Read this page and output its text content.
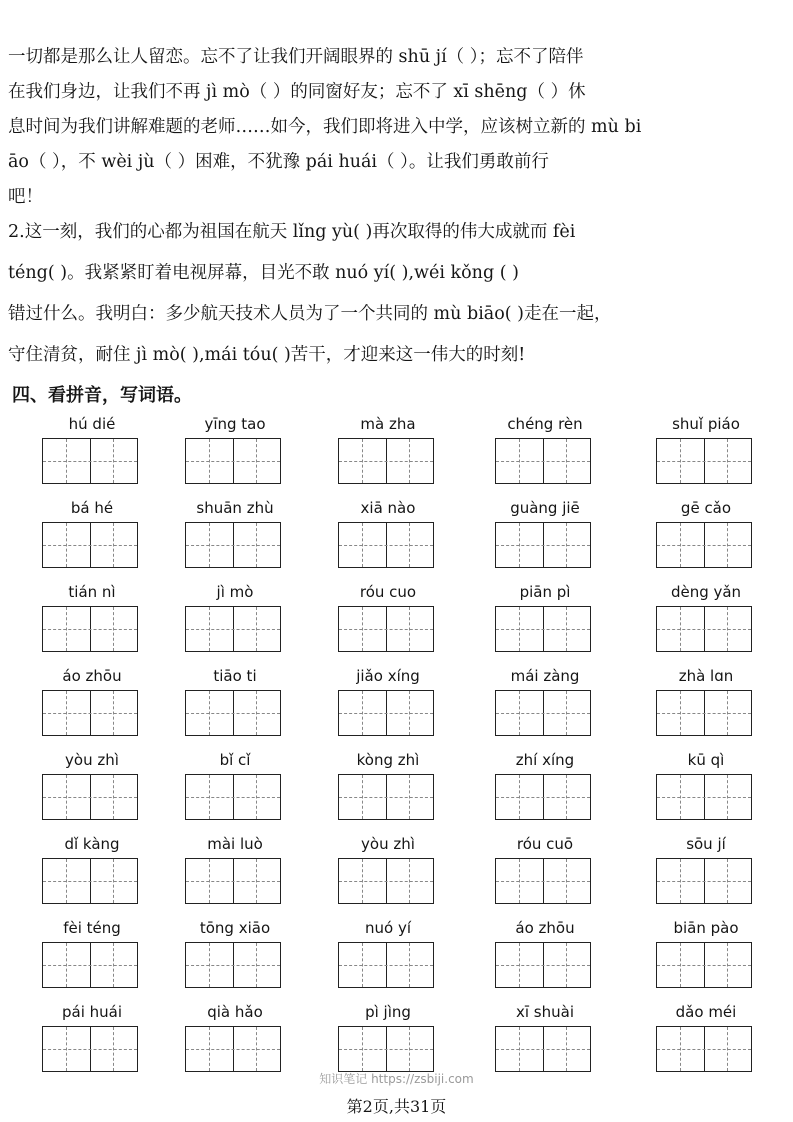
一切都是那么让人留恋。忘不了让我们开阔眼界的 shū jí（ ）；忘不了陪伴
在我们身边，让我们不再 jì mò（ ）的同窗好友；忘不了 xī shēng（ ）休
息时间为我们讲解难题的老师……如今，我们即将进入中学，应该树立新的 mù bi
āo（ ），不 wèi jù（ ）困难，不犹豫 pái huái（ ）。让我们勇敢前行
吧！
2.这一刻，我们的心都为祖国在航天 lǐng yù( )再次取得的伟大成就而 fèi
téng( )。我紧紧盯着电视屏幕，目光不敢 nuó yí( ),wéi kǒng ( )
错过什么。我明白：多少航天技术人员为了一个共同的 mù biāo( )走在一起，
守住清贫，耐住 jì mò( ),mái tóu( )苦干，才迎来这一伟大的时刻!
四、看拼音，写词语。
hú dié	yīng tao	mà zha	chéng rèn	shuǐ piáo
bá hé	shuān zhù	xiā nào	guàng jiē	gē cǎo
tián nì	jì mò	róu cuo	piān pì	dèng yǎn
áo zhōu	tiāo ti	jiǎo xíng	mái zàng	zhà lɑn
yòu zhì	bǐ cǐ	kòng zhì	zhí xíng	kū qì
dǐ kàng	mài luò	yòu zhì	róu cuō	sōu jí
fèi téng	tōng xiāo	nuó yí	áo zhōu	biān pào
pái huái	qià hǎo	pì jìng	xī shuài	dǎo méi
知识笔记 https://zsbiji.com
第2页,共31页
